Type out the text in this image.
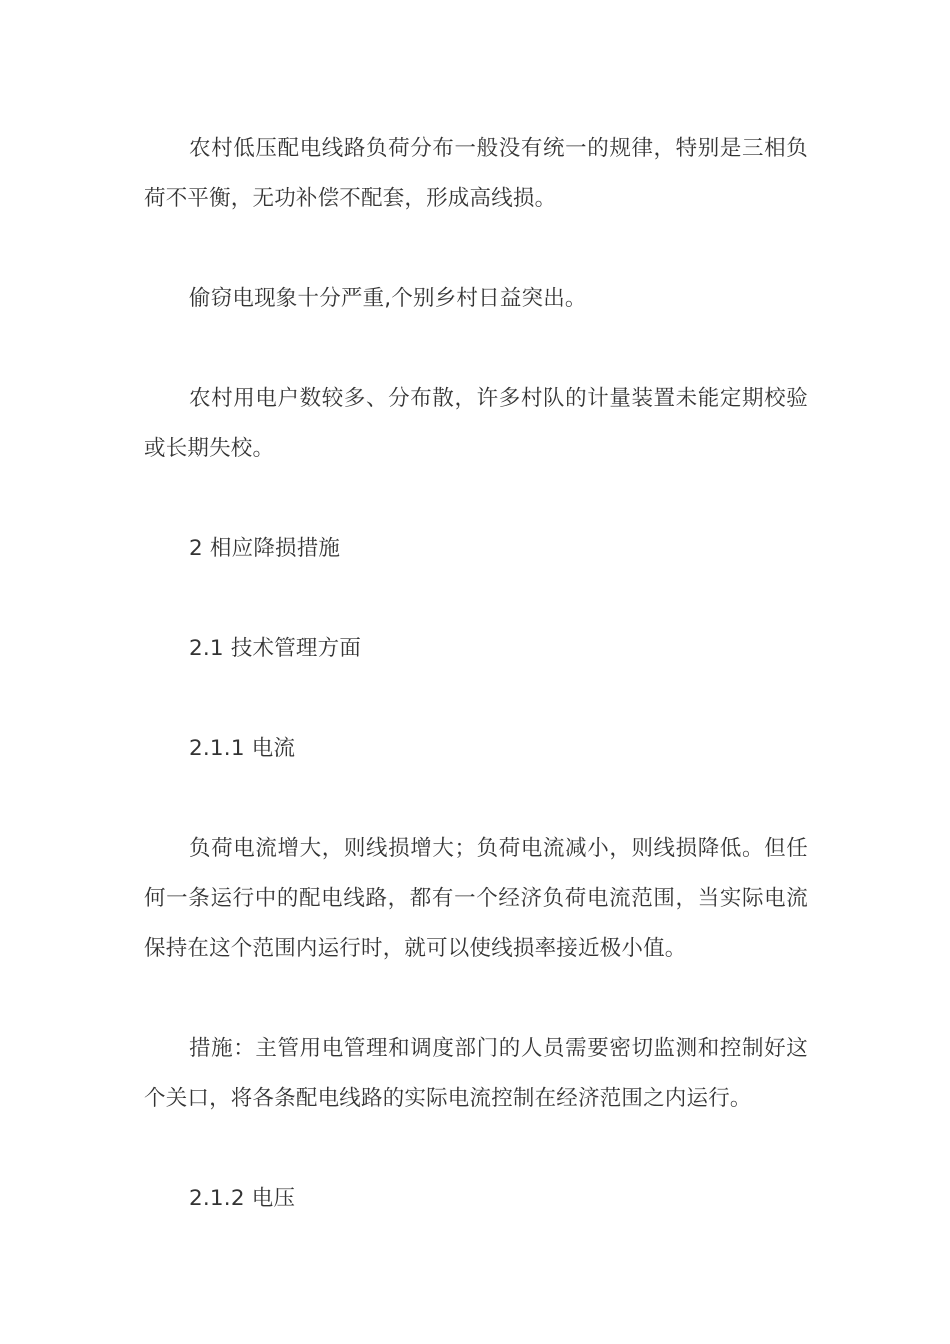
农村低压配电线路负荷分布一般没有统一的规律，特别是三相负荷不平衡，无功补偿不配套，形成高线损。

偷窃电现象十分严重,个别乡村日益突出。

农村用电户数较多、分布散，许多村队的计量装置未能定期校验或长期失校。

2 相应降损措施

2.1 技术管理方面

2.1.1 电流

负荷电流增大，则线损增大；负荷电流减小，则线损降低。但任何一条运行中的配电线路，都有一个经济负荷电流范围，当实际电流保持在这个范围内运行时，就可以使线损率接近极小值。

措施：主管用电管理和调度部门的人员需要密切监测和控制好这个关口，将各条配电线路的实际电流控制在经济范围之内运行。

2.1.2 电压
